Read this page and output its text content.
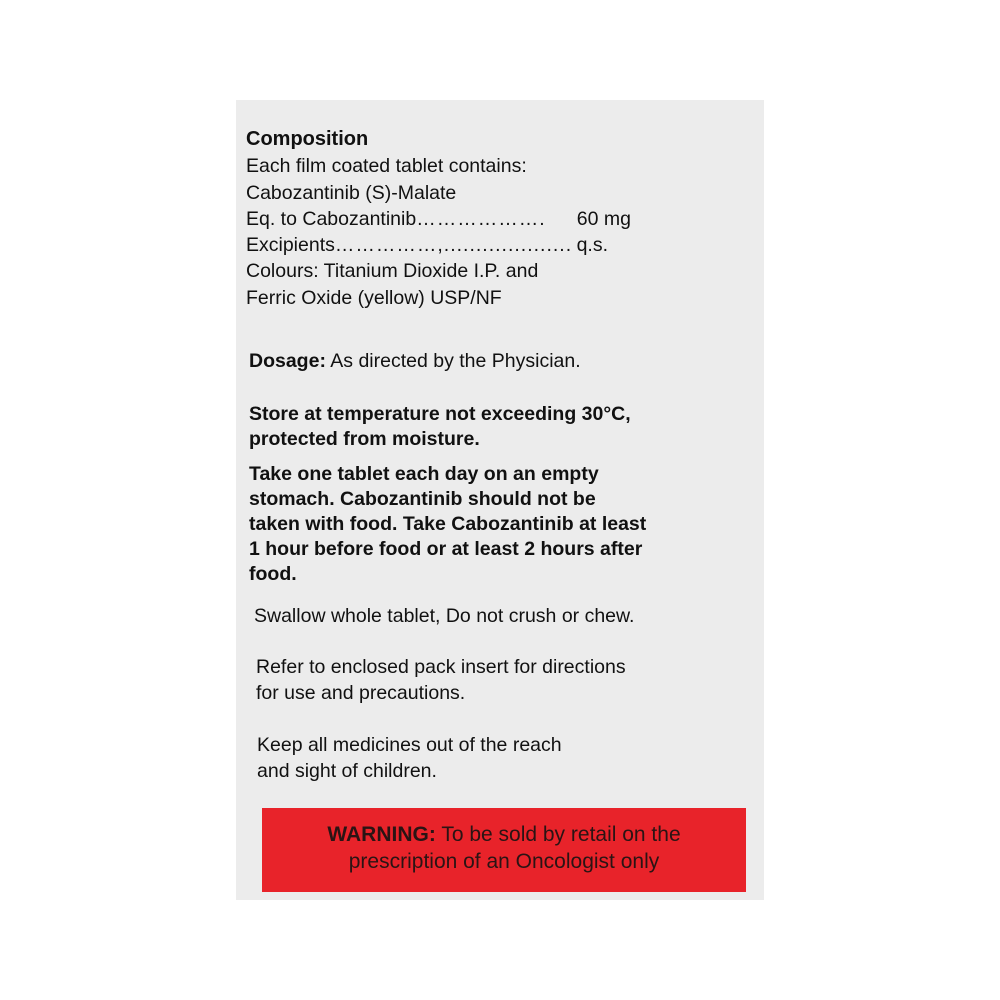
Composition

Each film coated tablet contains:

Cabozantinib (S)-Malate

Eq. to Cabozantinib ……………….	60 mg
Excipients ……………,.................... q.s.

Colours: Titanium Dioxide I.P. and

Ferric Oxide (yellow) USP/NF

Dosage: As directed by the Physician.

Store at temperature not exceeding 30°C,

protected from moisture.

Take one tablet each day on an empty

stomach. Cabozantinib should not be

taken with food. Take Cabozantinib at least

1 hour before food or at least 2 hours after

food.

Swallow whole tablet, Do not crush or chew.

Refer to enclosed pack insert for directions

for use and precautions.

Keep all medicines out of the reach

and sight of children.

WARNING: To be sold by retail on the

prescription of an Oncologist only
